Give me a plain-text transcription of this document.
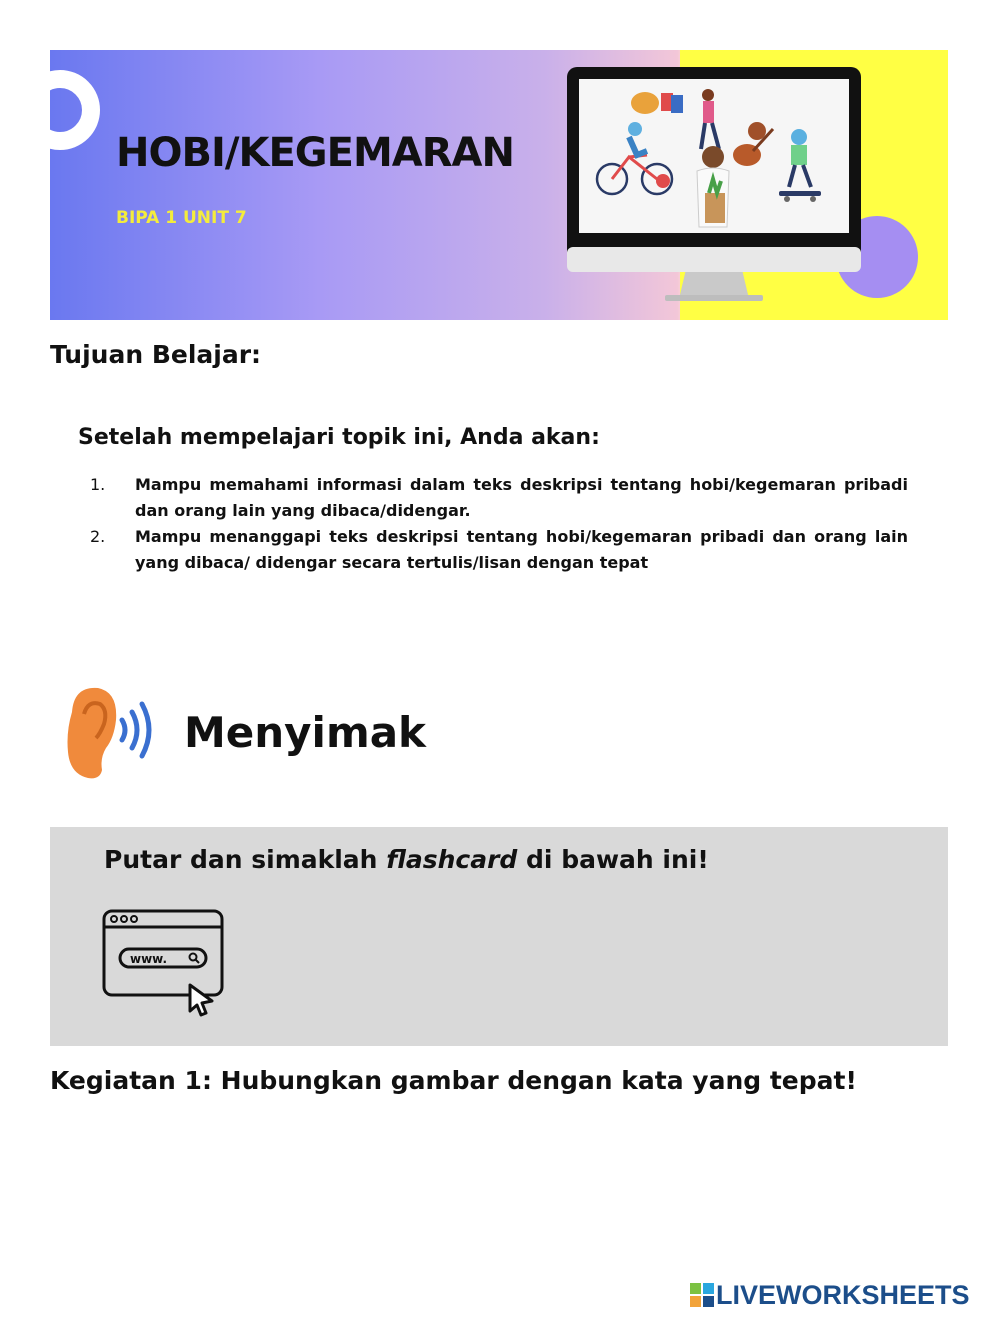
HOBI/KEGEMARAN
BIPA 1 UNIT 7
Tujuan Belajar:
Setelah mempelajari topik ini, Anda akan:
1. Mampu memahami informasi dalam teks deskripsi tentang hobi/kegemaran pribadi dan orang lain yang dibaca/didengar.
2. Mampu menanggapi teks deskripsi tentang hobi/kegemaran pribadi dan orang lain yang dibaca/ didengar secara tertulis/lisan dengan tepat
Menyimak
Putar dan simaklah flashcard di bawah ini!
www.
Kegiatan 1: Hubungkan gambar dengan kata yang tepat!
LIVEWORKSHEETS
